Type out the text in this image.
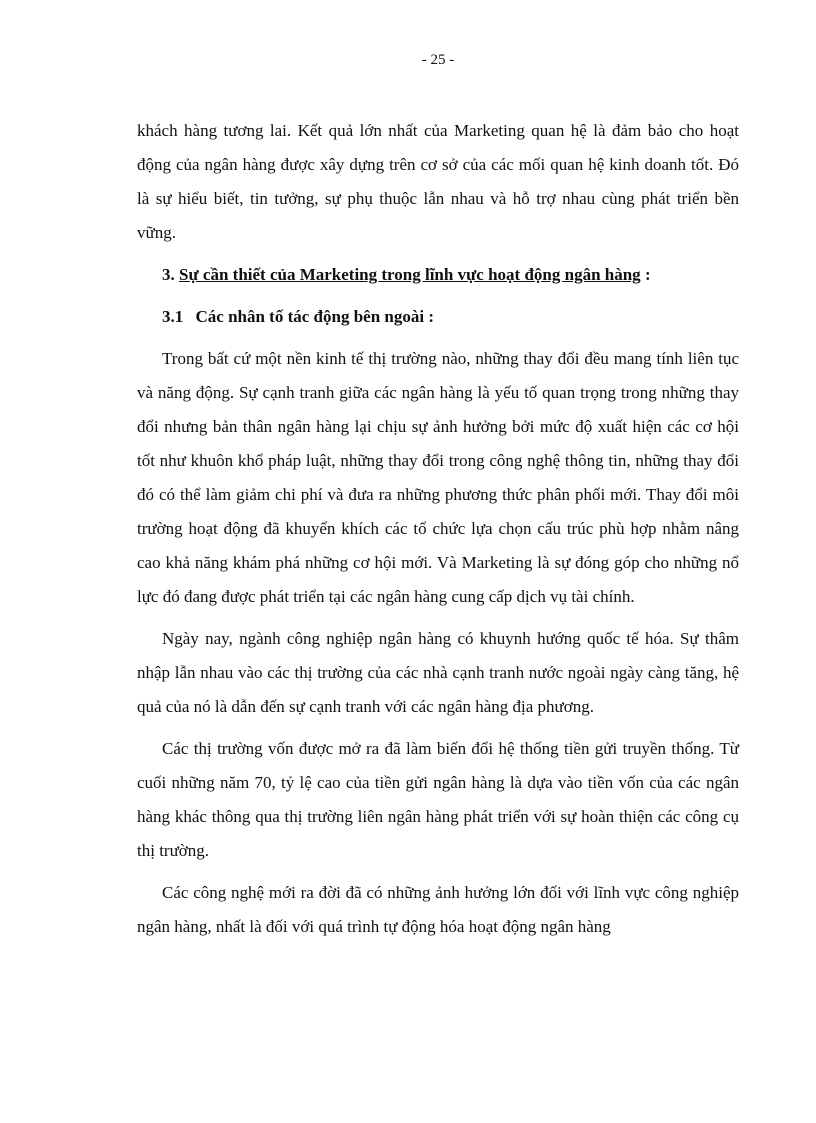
- 25 -

khách hàng tương lai. Kết quả lớn nhất của Marketing quan hệ là đảm bảo cho hoạt động của ngân hàng được xây dựng trên cơ sở của các mối quan hệ kinh doanh tốt. Đó là sự hiểu biết, tin tưởng, sự phụ thuộc lẫn nhau và hỗ trợ nhau cùng phát triển bền vững.

3. Sự cần thiết của Marketing trong lĩnh vực hoạt động ngân hàng :

3.1 Các nhân tố tác động bên ngoài :

Trong bất cứ một nền kinh tế thị trường nào, những thay đổi đều mang tính liên tục và năng động. Sự cạnh tranh giữa các ngân hàng là yếu tố quan trọng trong những thay đổi nhưng bản thân ngân hàng lại chịu sự ảnh hưởng bởi mức độ xuất hiện các cơ hội tốt như khuôn khổ pháp luật, những thay đổi trong công nghệ thông tin, những thay đổi đó có thể làm giảm chi phí và đưa ra những phương thức phân phối mới. Thay đổi môi trường hoạt động đã khuyến khích các tổ chức lựa chọn cấu trúc phù hợp nhằm nâng cao khả năng khám phá những cơ hội mới. Và Marketing là sự đóng góp cho những nổ lực đó đang được phát triển tại các ngân hàng cung cấp dịch vụ tài chính.

Ngày nay, ngành công nghiệp ngân hàng có khuynh hướng quốc tế hóa. Sự thâm nhập lẫn nhau vào các thị trường của các nhà cạnh tranh nước ngoài ngày càng tăng, hệ quả của nó là dẫn đến sự cạnh tranh với các ngân hàng địa phương.

Các thị trường vốn được mở ra đã làm biến đổi hệ thống tiền gửi truyền thống. Từ cuối những năm 70, tỷ lệ cao của tiền gửi ngân hàng là dựa vào tiền vốn của các ngân hàng khác thông qua thị trường liên ngân hàng phát triển với sự hoàn thiện các công cụ thị trường.

Các công nghệ mới ra đời đã có những ảnh hưởng lớn đối với lĩnh vực công nghiệp ngân hàng, nhất là đối với quá trình tự động hóa hoạt động ngân hàng
